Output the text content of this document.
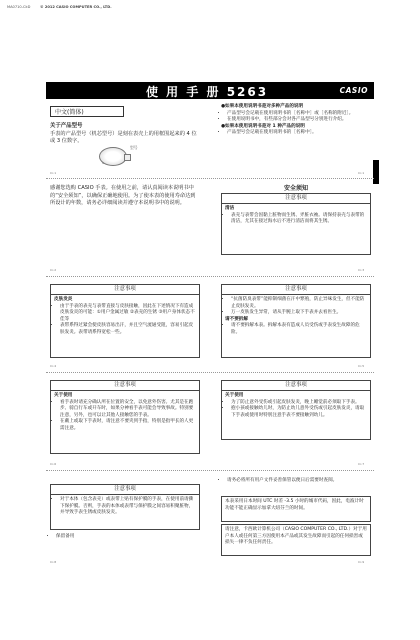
MA0710-CkD	© 2012 CASIO COMPUTER CO., LTD.
使 用 手 册 5263	CASIO
中文(简体)
关于产品型号
手表的产品型号（机芯型号）是刻在表壳上的用框围起来的 4 位或 3 位数字。
型号
1
●如果本使用说明书是对多种产品的说明
• 产品型号会记载在使用说明书的［名称中］或［名称的附近］。
• 在使用说明书中，有些部分会对各产品型号分别进行介绍。
●如果本使用说明书是对 1 种产品的说明
• 产品型号会记载在使用说明书的［名称中］。
Cr-1	Cr-1
感谢您选购 CASIO 手表。在使用之前，请认真阅读本说明书中的“安全须知”，以确保正确地使用。为了使本表的使用寿命达到所设计的年数，请务必详细阅读并遵守本说明书中的说明。
安全须知
注意事项
清洁
• 表壳与表带会因黏上脏物而生锈、弄脏衣袖。请保持表壳与表带的清洁，尤其在接过海水后不进行清洁而将其生锈。
Cr-2	Cr-3
注意事项
皮肤发炎
• 由于手表的表壳与表带直接与皮肤接触，因此在下述情况下有造成皮肤发炎的可能：①用户金属过敏 ②表壳的生锈 ③用户身体状态不佳等
• 表带系得过紧会使皮肤容易出汗，并且空气流通受阻，容易引起皮肤发炎。表带请系得宽松一些。
注意事项
• “抗菌防臭表带”能抑制细菌在汗中繁殖，防止异味发生，但不能防止皮肤发炎。
• 万一皮肤发生异常，请从手腕上取下手表并去看医生。
请不要拆解
• 请不要拆解本表。拆解本表有造成人员受伤或手表发生故障的危险。
Cr-4	Cr-5
注意事项
关于使用
• 看手表时请充分确认所在位置的安全，以免意外伤害。尤其是在跑步、骑自行车或开车时，如果分神看手表可能会导致事故。特别要注意，另外，也可以让其他人接触您的手表。
• 在戴上或取下手表时，请注意不要夹到手指，特别是指甲长的人更需注意。
注意事项
关于使用
• 为了防止意外受伤或引起皮肤发炎，晚上睡觉前必须取下手表。
• 抱小孩或接触幼儿时，为防止幼儿意外受伤或引起皮肤发炎，请取下手表或使用时特别注意手表不要接触到幼儿。
Cr-6	Cr-7
注意事项
• 对于本体（包含表壳）或表带上贴有保护膜的手表，在使用前请撕下保护膜。否则，手表的本体或表带与保护膜之间容易积聚脏物，并导致手表生锈或皮肤发炎。
• 保留备用
• 请务必将所有用户文件妥善保管以便日后需要时查阅。
本表采用日本时间 UTC 时差 -3.5 小时的城市代码，因此，电波计时功能不能正确显示加拿大纽芬兰的时间。
请注意，卡西欧计算机公司（CASIO COMPUTER CO., LTD.）对于用户本人或任何第三方因使用本产品或其发生故障而引起的任何损害或损失一律不负任何责任。
Cr-8	Cr-9
